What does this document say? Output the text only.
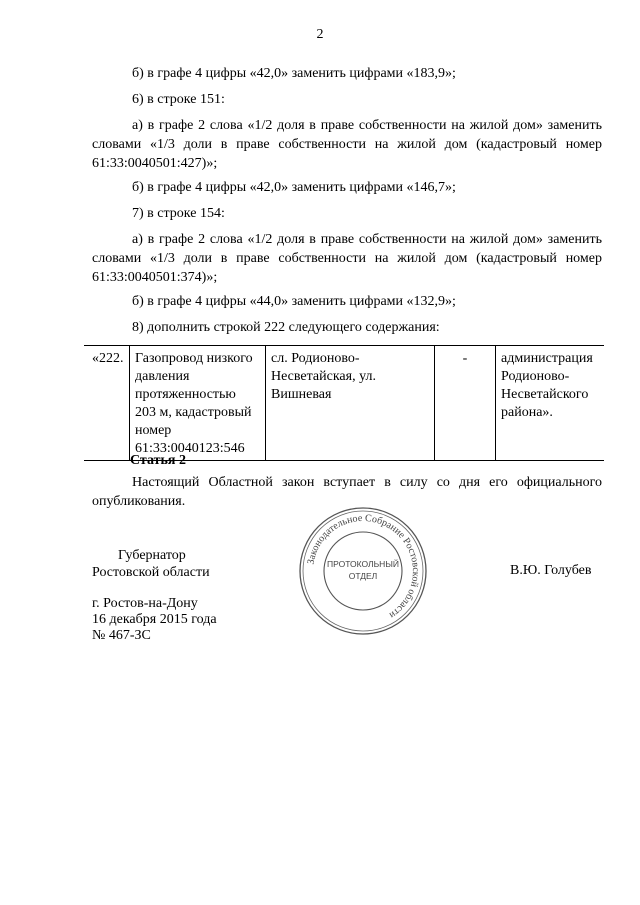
2
б) в графе 4 цифры «42,0» заменить цифрами «183,9»;
6) в строке 151:
а) в графе 2 слова «1/2 доля в праве собственности на жилой дом» заменить словами «1/3 доли в праве собственности на жилой дом (кадастровый номер 61:33:0040501:427)»;
б) в графе 4 цифры «42,0» заменить цифрами «146,7»;
7) в строке 154:
а) в графе 2 слова «1/2 доля в праве собственности на жилой дом» заменить словами «1/3 доли в праве собственности на жилой дом (кадастровый номер 61:33:0040501:374)»;
б) в графе 4 цифры «44,0» заменить цифрами «132,9»;
8) дополнить строкой 222 следующего содержания:
«222.	Газопровод низкого давления протяженностью 203 м, кадастровый номер 61:33:0040123:546	сл. Родионово-Несветайская, ул. Вишневая	-	администрация Родионово-Несветайского района».
Статья 2
Настоящий Областной закон вступает в силу со дня его официального опубликования.
Губернатор
Ростовской области	В.Ю. Голубев
г. Ростов-на-Дону
16 декабря 2015 года
№ 467-ЗС
Законодательное Собрание Ростовской области
ПРОТОКОЛЬНЫЙ
ОТДЕЛ
